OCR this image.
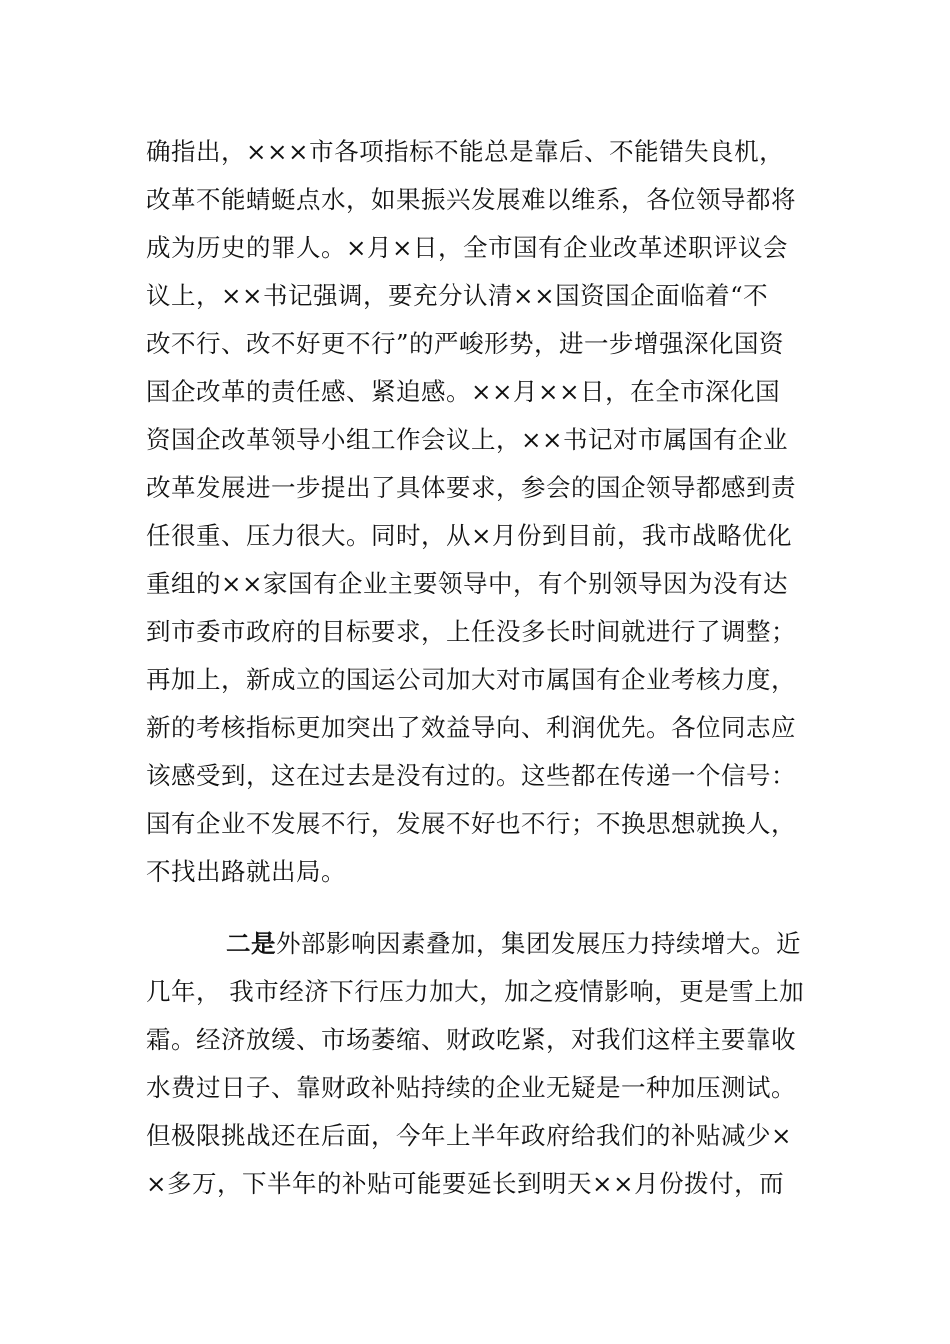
确指出，×××市各项指标不能总是靠后、不能错失良机，
改革不能蜻蜓点水，如果振兴发展难以维系，各位领导都将
成为历史的罪人。×月×日，全市国有企业改革述职评议会
议上，××书记强调，要充分认清××国资国企面临着“不
改不行、改不好更不行”的严峻形势，进一步增强深化国资
国企改革的责任感、紧迫感。××月××日，在全市深化国
资国企改革领导小组工作会议上，××书记对市属国有企业
改革发展进一步提出了具体要求，参会的国企领导都感到责
任很重、压力很大。同时，从×月份到目前，我市战略优化
重组的××家国有企业主要领导中，有个别领导因为没有达
到市委市政府的目标要求，上任没多长时间就进行了调整；
再加上，新成立的国运公司加大对市属国有企业考核力度，
新的考核指标更加突出了效益导向、利润优先。各位同志应
该感受到，这在过去是没有过的。这些都在传递一个信号：
国有企业不发展不行，发展不好也不行；不换思想就换人，
不找出路就出局。
二是外部影响因素叠加，集团发展压力持续增大。近
几年， 我市经济下行压力加大，加之疫情影响，更是雪上加
霜。经济放缓、市场萎缩、财政吃紧，对我们这样主要靠收
水费过日子、靠财政补贴持续的企业无疑是一种加压测试。
但极限挑战还在后面，今年上半年政府给我们的补贴减少×
×多万，下半年的补贴可能要延长到明天××月份拨付，而
